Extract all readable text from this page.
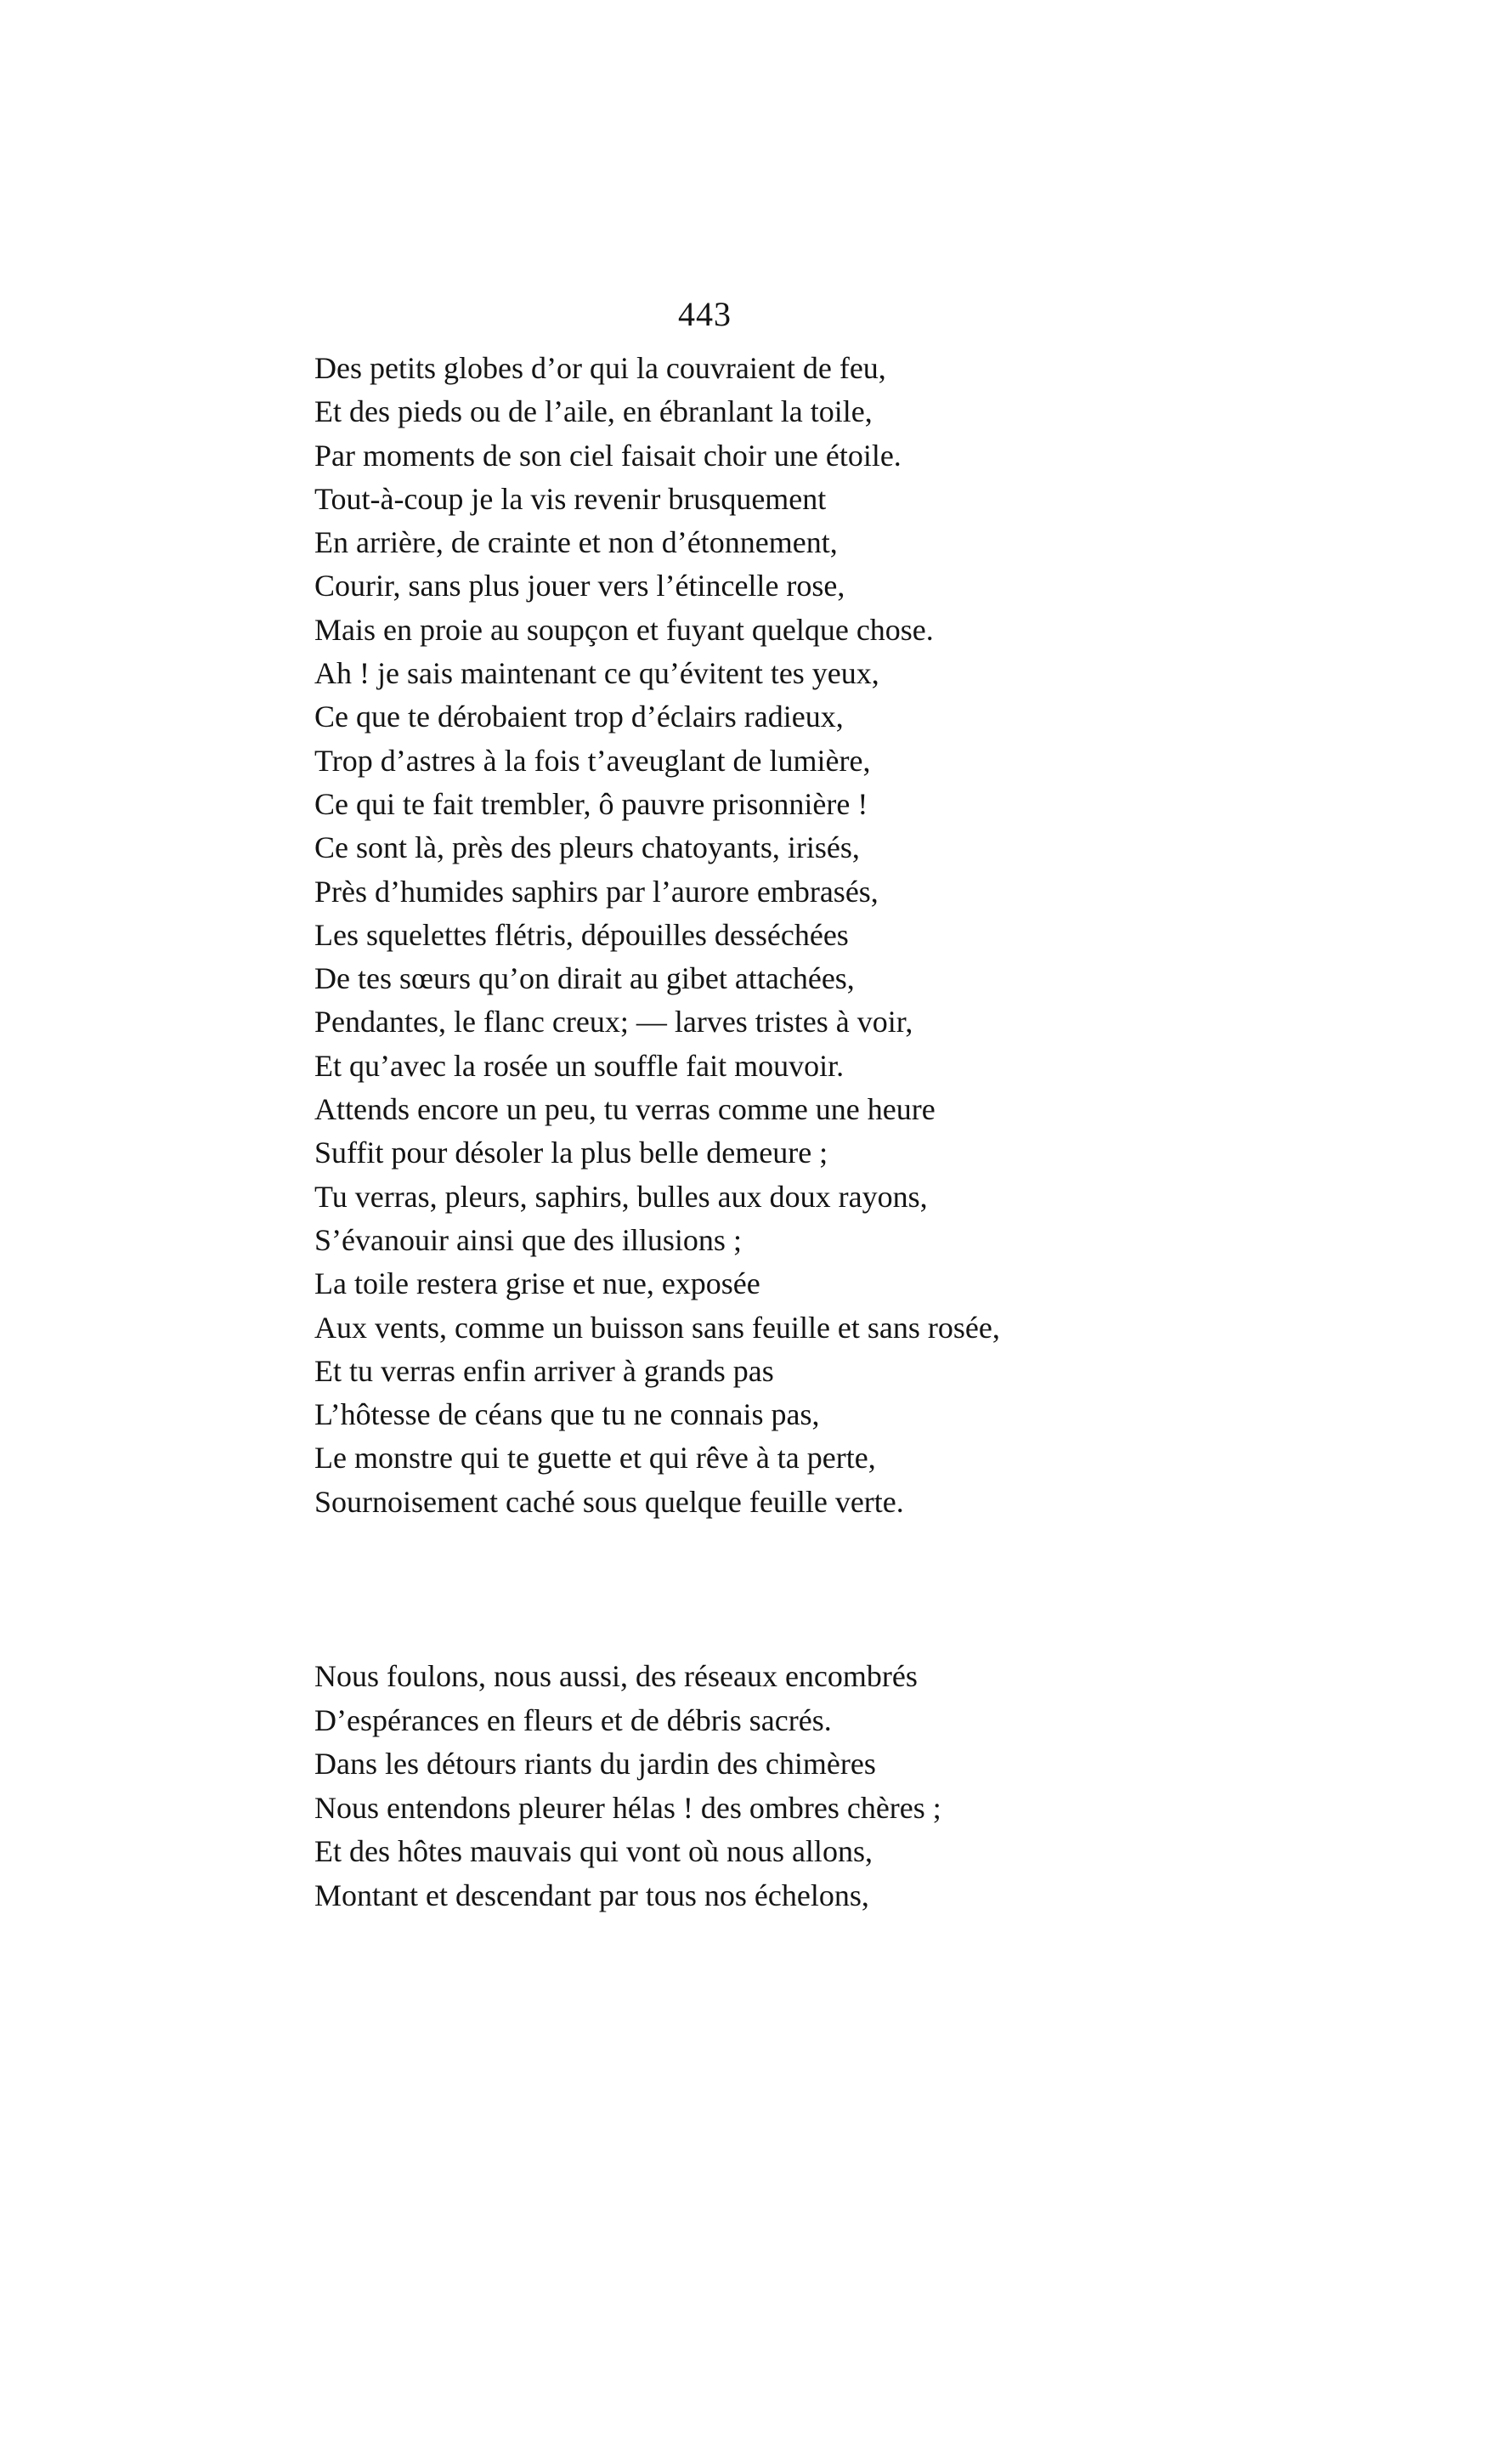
443
Des petits globes d’or qui la couvraient de feu,
Et des pieds ou de l’aile, en ébranlant la toile,
Par moments de son ciel faisait choir une étoile.
Tout-à-coup je la vis revenir brusquement
En arrière, de crainte et non d’étonnement,
Courir, sans plus jouer vers l’étincelle rose,
Mais en proie au soupçon et fuyant quelque chose.
Ah ! je sais maintenant ce qu’évitent tes yeux,
Ce que te dérobaient trop d’éclairs radieux,
Trop d’astres à la fois t’aveuglant de lumière,
Ce qui te fait trembler, ô pauvre prisonnière !
Ce sont là, près des pleurs chatoyants, irisés,
Près d’humides saphirs par l’aurore embrasés,
Les squelettes flétris, dépouilles desséchées
De tes sœurs qu’on dirait au gibet attachées,
Pendantes, le flanc creux; — larves tristes à voir,
Et qu’avec la rosée un souffle fait mouvoir.
Attends encore un peu, tu verras comme une heure
Suffit pour désoler la plus belle demeure ;
Tu verras, pleurs, saphirs, bulles aux doux rayons,
S’évanouir ainsi que des illusions ;
La toile restera grise et nue, exposée
Aux vents, comme un buisson sans feuille et sans rosée,
Et tu verras enfin arriver à grands pas
L’hôtesse de céans que tu ne connais pas,
Le monstre qui te guette et qui rêve à ta perte,
Sournoisement caché sous quelque feuille verte.
Nous foulons, nous aussi, des réseaux encombrés
D’espérances en fleurs et de débris sacrés.
Dans les détours riants du jardin des chimères
Nous entendons pleurer hélas ! des ombres chères ;
Et des hôtes mauvais qui vont où nous allons,
Montant et descendant par tous nos échelons,
